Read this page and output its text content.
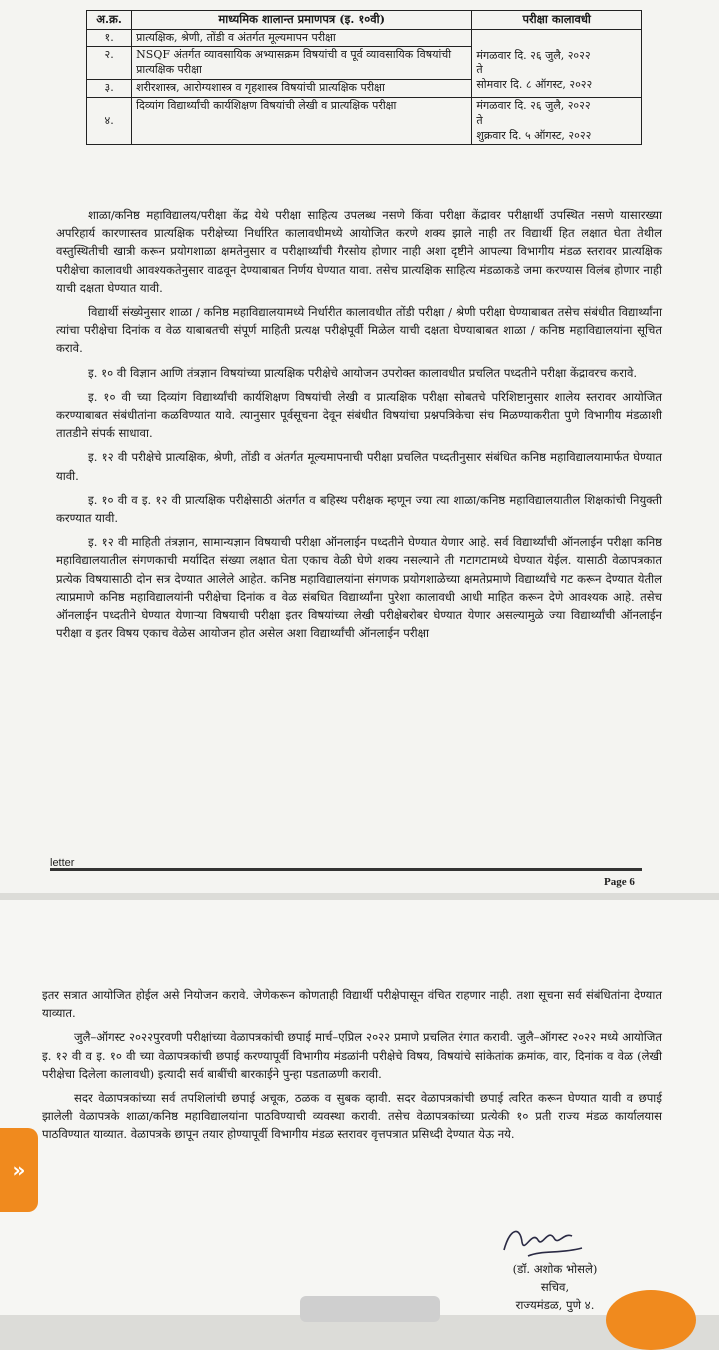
अ.क्र.	माध्यमिक शालान्त प्रमाणपत्र (इ. १०वी)	परीक्षा कालावधी
१.	प्रात्यक्षिक, श्रेणी, तोंडी व अंतर्गत मूल्यमापन परीक्षा	मंगळवार दि. २६ जुलै, २०२२
ते
सोमवार दि. ८ ऑगस्ट, २०२२

२.	NSQF अंतर्गत व्यावसायिक अभ्यासक्रम विषयांची व पूर्व व्यावसायिक विषयांची प्रात्यक्षिक परीक्षा	
३.	शरीरशास्त्र, आरोग्यशास्त्र व गृहशास्त्र विषयांची प्रात्यक्षिक परीक्षा	
४.	दिव्यांग विद्यार्थ्यांची कार्यशिक्षण विषयांची लेखी व प्रात्यक्षिक परीक्षा	मंगळवार दि. २६ जुलै, २०२२
ते
शुक्रवार दि. ५ ऑगस्ट, २०२२

शाळा/कनिष्ठ महाविद्यालय/परीक्षा केंद्र येथे परीक्षा साहित्य उपलब्ध नसणे किंवा परीक्षा केंद्रावर परीक्षार्थी उपस्थित नसणे यासारख्या अपरिहार्य कारणास्तव प्रात्यक्षिक परीक्षेच्या निर्धारित कालावधीमध्ये आयोजित करणे शक्य झाले नाही तर विद्यार्थी हित लक्षात घेता तेथील वस्तुस्थितीची खात्री करून प्रयोगशाळा क्षमतेनुसार व परीक्षार्थ्यांची गैरसोय होणार नाही अशा दृष्टीने आपल्या विभागीय मंडळ स्तरावर प्रात्यक्षिक परीक्षेचा कालावधी आवश्यकतेनुसार वाढवून देण्याबाबत निर्णय घेण्यात यावा. तसेच प्रात्यक्षिक साहित्य मंडळाकडे जमा करण्यास विलंब होणार नाही याची दक्षता घेण्यात यावी.

विद्यार्थी संख्येनुसार शाळा / कनिष्ठ महाविद्यालयामध्ये निर्धारीत कालावधीत तोंडी परीक्षा / श्रेणी परीक्षा घेण्याबाबत तसेच संबंधीत विद्यार्थ्यांना त्यांचा परीक्षेचा दिनांक व वेळ याबाबतची संपूर्ण माहिती प्रत्यक्ष परीक्षेपूर्वी मिळेल याची दक्षता घेण्याबाबत शाळा / कनिष्ठ महाविद्यालयांना सूचित करावे.

इ. १० वी विज्ञान आणि तंत्रज्ञान विषयांच्या प्रात्यक्षिक परीक्षेचे आयोजन उपरोक्त कालावधीत प्रचलित पध्दतीने परीक्षा केंद्रावरच करावे.

इ. १० वी च्या दिव्यांग विद्यार्थ्यांची कार्यशिक्षण विषयांची लेखी व प्रात्यक्षिक परीक्षा सोबतचे परिशिष्टानुसार शालेय स्तरावर आयोजित करण्याबाबत संबंधीतांना कळविण्यात यावे. त्यानुसार पूर्वसूचना देवून संबंधीत विषयांचा प्रश्नपत्रिकेचा संच मिळण्याकरीता पुणे विभागीय मंडळाशी तातडीने संपर्क साधावा.

इ. १२ वी परीक्षेचे प्रात्यक्षिक, श्रेणी, तोंडी व अंतर्गत मूल्यमापनाची परीक्षा प्रचलित पध्दतीनुसार संबंधित कनिष्ठ महाविद्यालयामार्फत घेण्यात यावी.

इ. १० वी व इ. १२ वी प्रात्यक्षिक परीक्षेसाठी अंतर्गत व बहिस्थ परीक्षक म्हणून ज्या त्या शाळा/कनिष्ठ महाविद्यालयातील शिक्षकांची नियुक्ती करण्यात यावी.

इ. १२ वी माहिती तंत्रज्ञान, सामान्यज्ञान विषयाची परीक्षा ऑनलाईन पध्दतीने घेण्यात येणार आहे. सर्व विद्यार्थ्यांची ऑनलाईन परीक्षा कनिष्ठ महाविद्यालयातील संगणकाची मर्यादित संख्या लक्षात घेता एकाच वेळी घेणे शक्य नसल्याने ती गटागटामध्ये घेण्यात येईल. यासाठी वेळापत्रकात प्रत्येक विषयासाठी दोन सत्र देण्यात आलेले आहेत. कनिष्ठ महाविद्यालयांना संगणक प्रयोगशाळेच्या क्षमतेप्रमाणे विद्यार्थ्यांचे गट करून देण्यात येतील त्याप्रमाणे कनिष्ठ महाविद्यालयांनी परीक्षेचा दिनांक व वेळ संबधित विद्यार्थ्यांना पुरेशा कालावधी आधी माहित करून देणे आवश्यक आहे. तसेच ऑनलाईन पध्दतीने घेण्यात येणाऱ्या विषयाची परीक्षा इतर विषयांच्या लेखी परीक्षेबरोबर घेण्यात येणार असल्यामुळे ज्या विद्यार्थ्यांची ऑनलाईन परीक्षा व इतर विषय एकाच वेळेस आयोजन होत असेल अशा विद्यार्थ्यांची ऑनलाईन परीक्षा

letter
Page 6

इतर सत्रात आयोजित होईल असे नियोजन करावे. जेणेकरून कोणताही विद्यार्थी परीक्षेपासून वंचित राहणार नाही. तशा सूचना सर्व संबंधितांना देण्यात याव्यात.

जुलै–ऑगस्ट २०२२पुरवणी परीक्षांच्या वेळापत्रकांची छपाई मार्च–एप्रिल २०२२ प्रमाणे प्रचलित रंगात करावी. जुलै–ऑगस्ट २०२२ मध्ये आयोजित इ. १२ वी व इ. १० वी च्या वेळापत्रकांची छपाई करण्यापूर्वी विभागीय मंडळांनी परीक्षेचे विषय, विषयांचे सांकेतांक क्रमांक, वार, दिनांक व वेळ (लेखी परीक्षेचा दिलेला कालावधी) इत्यादी सर्व बाबींची बारकाईने पुन्हा पडताळणी करावी.

सदर वेळापत्रकांच्या सर्व तपशिलांची छपाई अचूक, ठळक व सुबक व्हावी. सदर वेळापत्रकांची छपाई त्वरित करून घेण्यात यावी व छपाई झालेली वेळापत्रके शाळा/कनिष्ठ महाविद्यालयांना पाठविण्याची व्यवस्था करावी. तसेच वेळापत्रकांच्या प्रत्येकी १० प्रती राज्य मंडळ कार्यालयास पाठविण्यात याव्यात. वेळापत्रके छापून तयार होण्यापूर्वी विभागीय मंडळ स्तरावर वृत्तपत्रात प्रसिध्दी देण्यात येऊ नये.

(डॉ. अशोक भोसले)
सचिव,
राज्यमंडळ, पुणे ४.
»
